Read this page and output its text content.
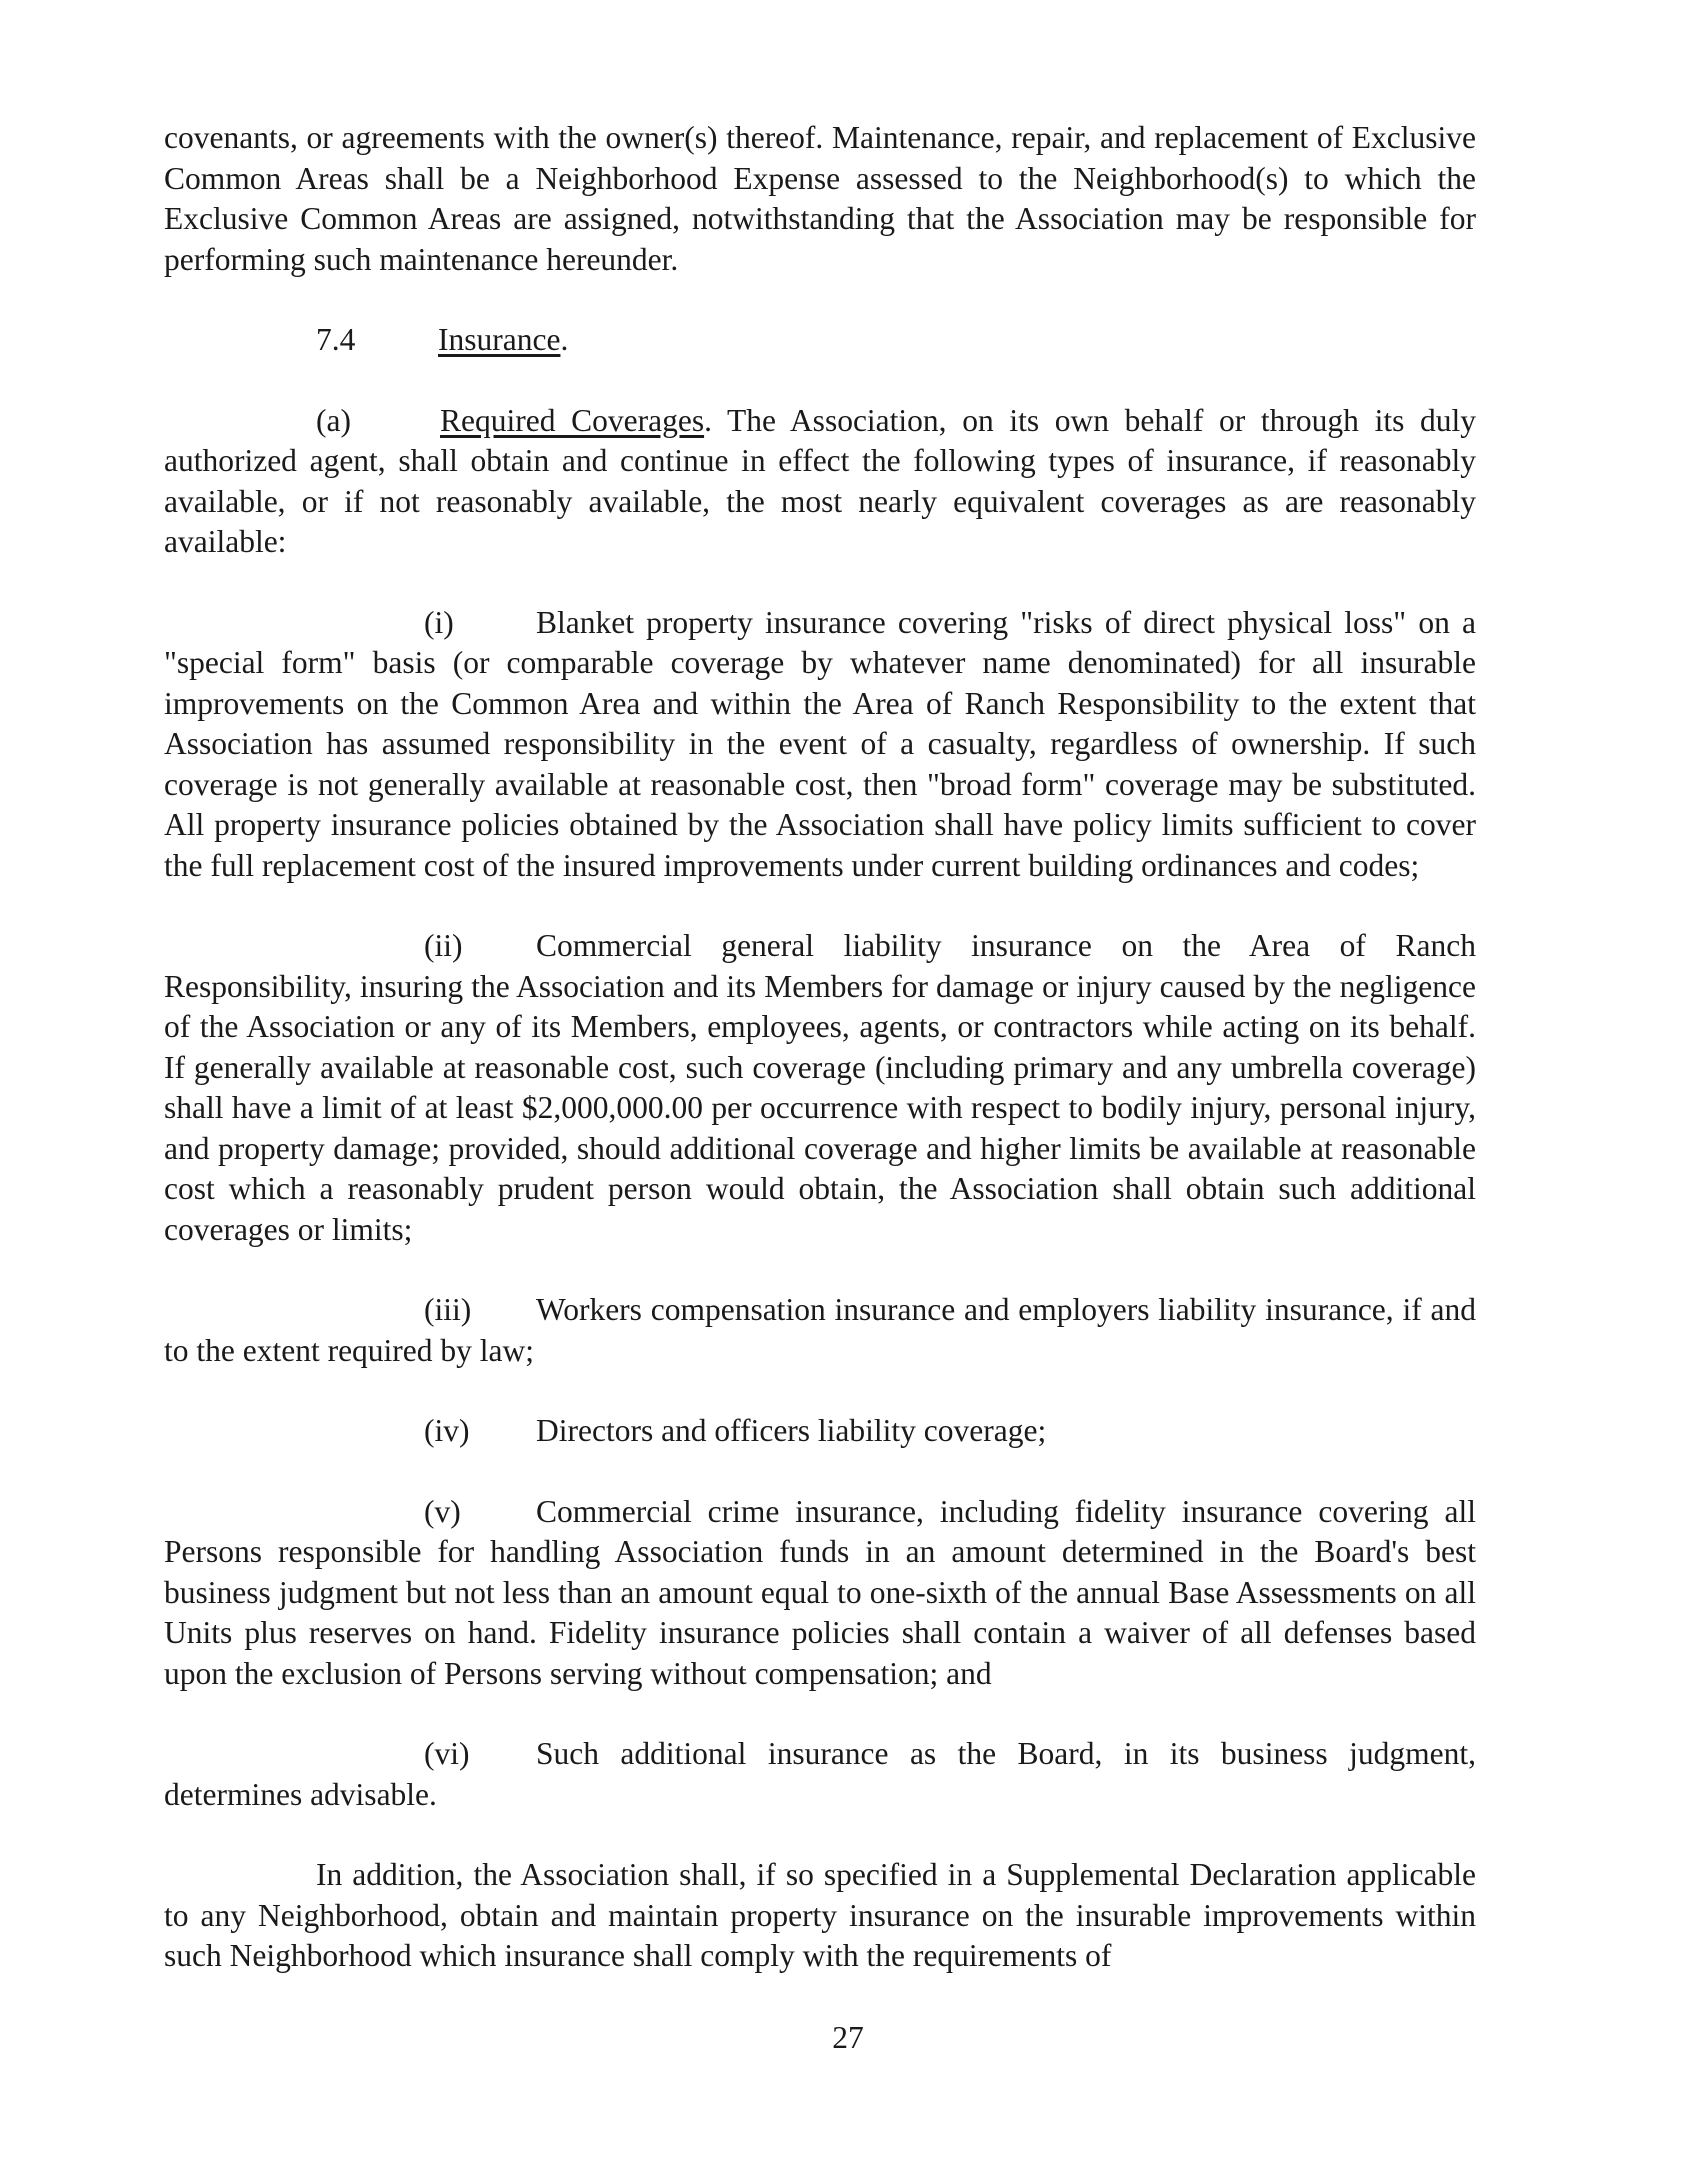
covenants, or agreements with the owner(s) thereof. Maintenance, repair, and replacement of Exclusive Common Areas shall be a Neighborhood Expense assessed to the Neighborhood(s) to which the Exclusive Common Areas are assigned, notwithstanding that the Association may be responsible for performing such maintenance hereunder.

7.4	Insurance.

(a)	Required Coverages. The Association, on its own behalf or through its duly authorized agent, shall obtain and continue in effect the following types of insurance, if reasonably available, or if not reasonably available, the most nearly equivalent coverages as are reasonably available:

(i)	Blanket property insurance covering "risks of direct physical loss" on a "special form" basis (or comparable coverage by whatever name denominated) for all insurable improvements on the Common Area and within the Area of Ranch Responsibility to the extent that Association has assumed responsibility in the event of a casualty, regardless of ownership. If such coverage is not generally available at reasonable cost, then "broad form" coverage may be substituted. All property insurance policies obtained by the Association shall have policy limits sufficient to cover the full replacement cost of the insured improvements under current building ordinances and codes;

(ii) Commercial general liability insurance on the Area of Ranch Responsibility, insuring the Association and its Members for damage or injury caused by the negligence of the Association or any of its Members, employees, agents, or contractors while acting on its behalf. If generally available at reasonable cost, such coverage (including primary and any umbrella coverage) shall have a limit of at least $2,000,000.00 per occurrence with respect to bodily injury, personal injury, and property damage; provided, should additional coverage and higher limits be available at reasonable cost which a reasonably prudent person would obtain, the Association shall obtain such additional coverages or limits;

(iii) Workers compensation insurance and employers liability insurance, if and to the extent required by law;

(iv) Directors and officers liability coverage;

(v) Commercial crime insurance, including fidelity insurance covering all Persons responsible for handling Association funds in an amount determined in the Board's best business judgment but not less than an amount equal to one-sixth of the annual Base Assessments on all Units plus reserves on hand. Fidelity insurance policies shall contain a waiver of all defenses based upon the exclusion of Persons serving without compensation; and

(vi) Such additional insurance as the Board, in its business judgment, determines advisable.

In addition, the Association shall, if so specified in a Supplemental Declaration applicable to any Neighborhood, obtain and maintain property insurance on the insurable improvements within such Neighborhood which insurance shall comply with the requirements of

27
